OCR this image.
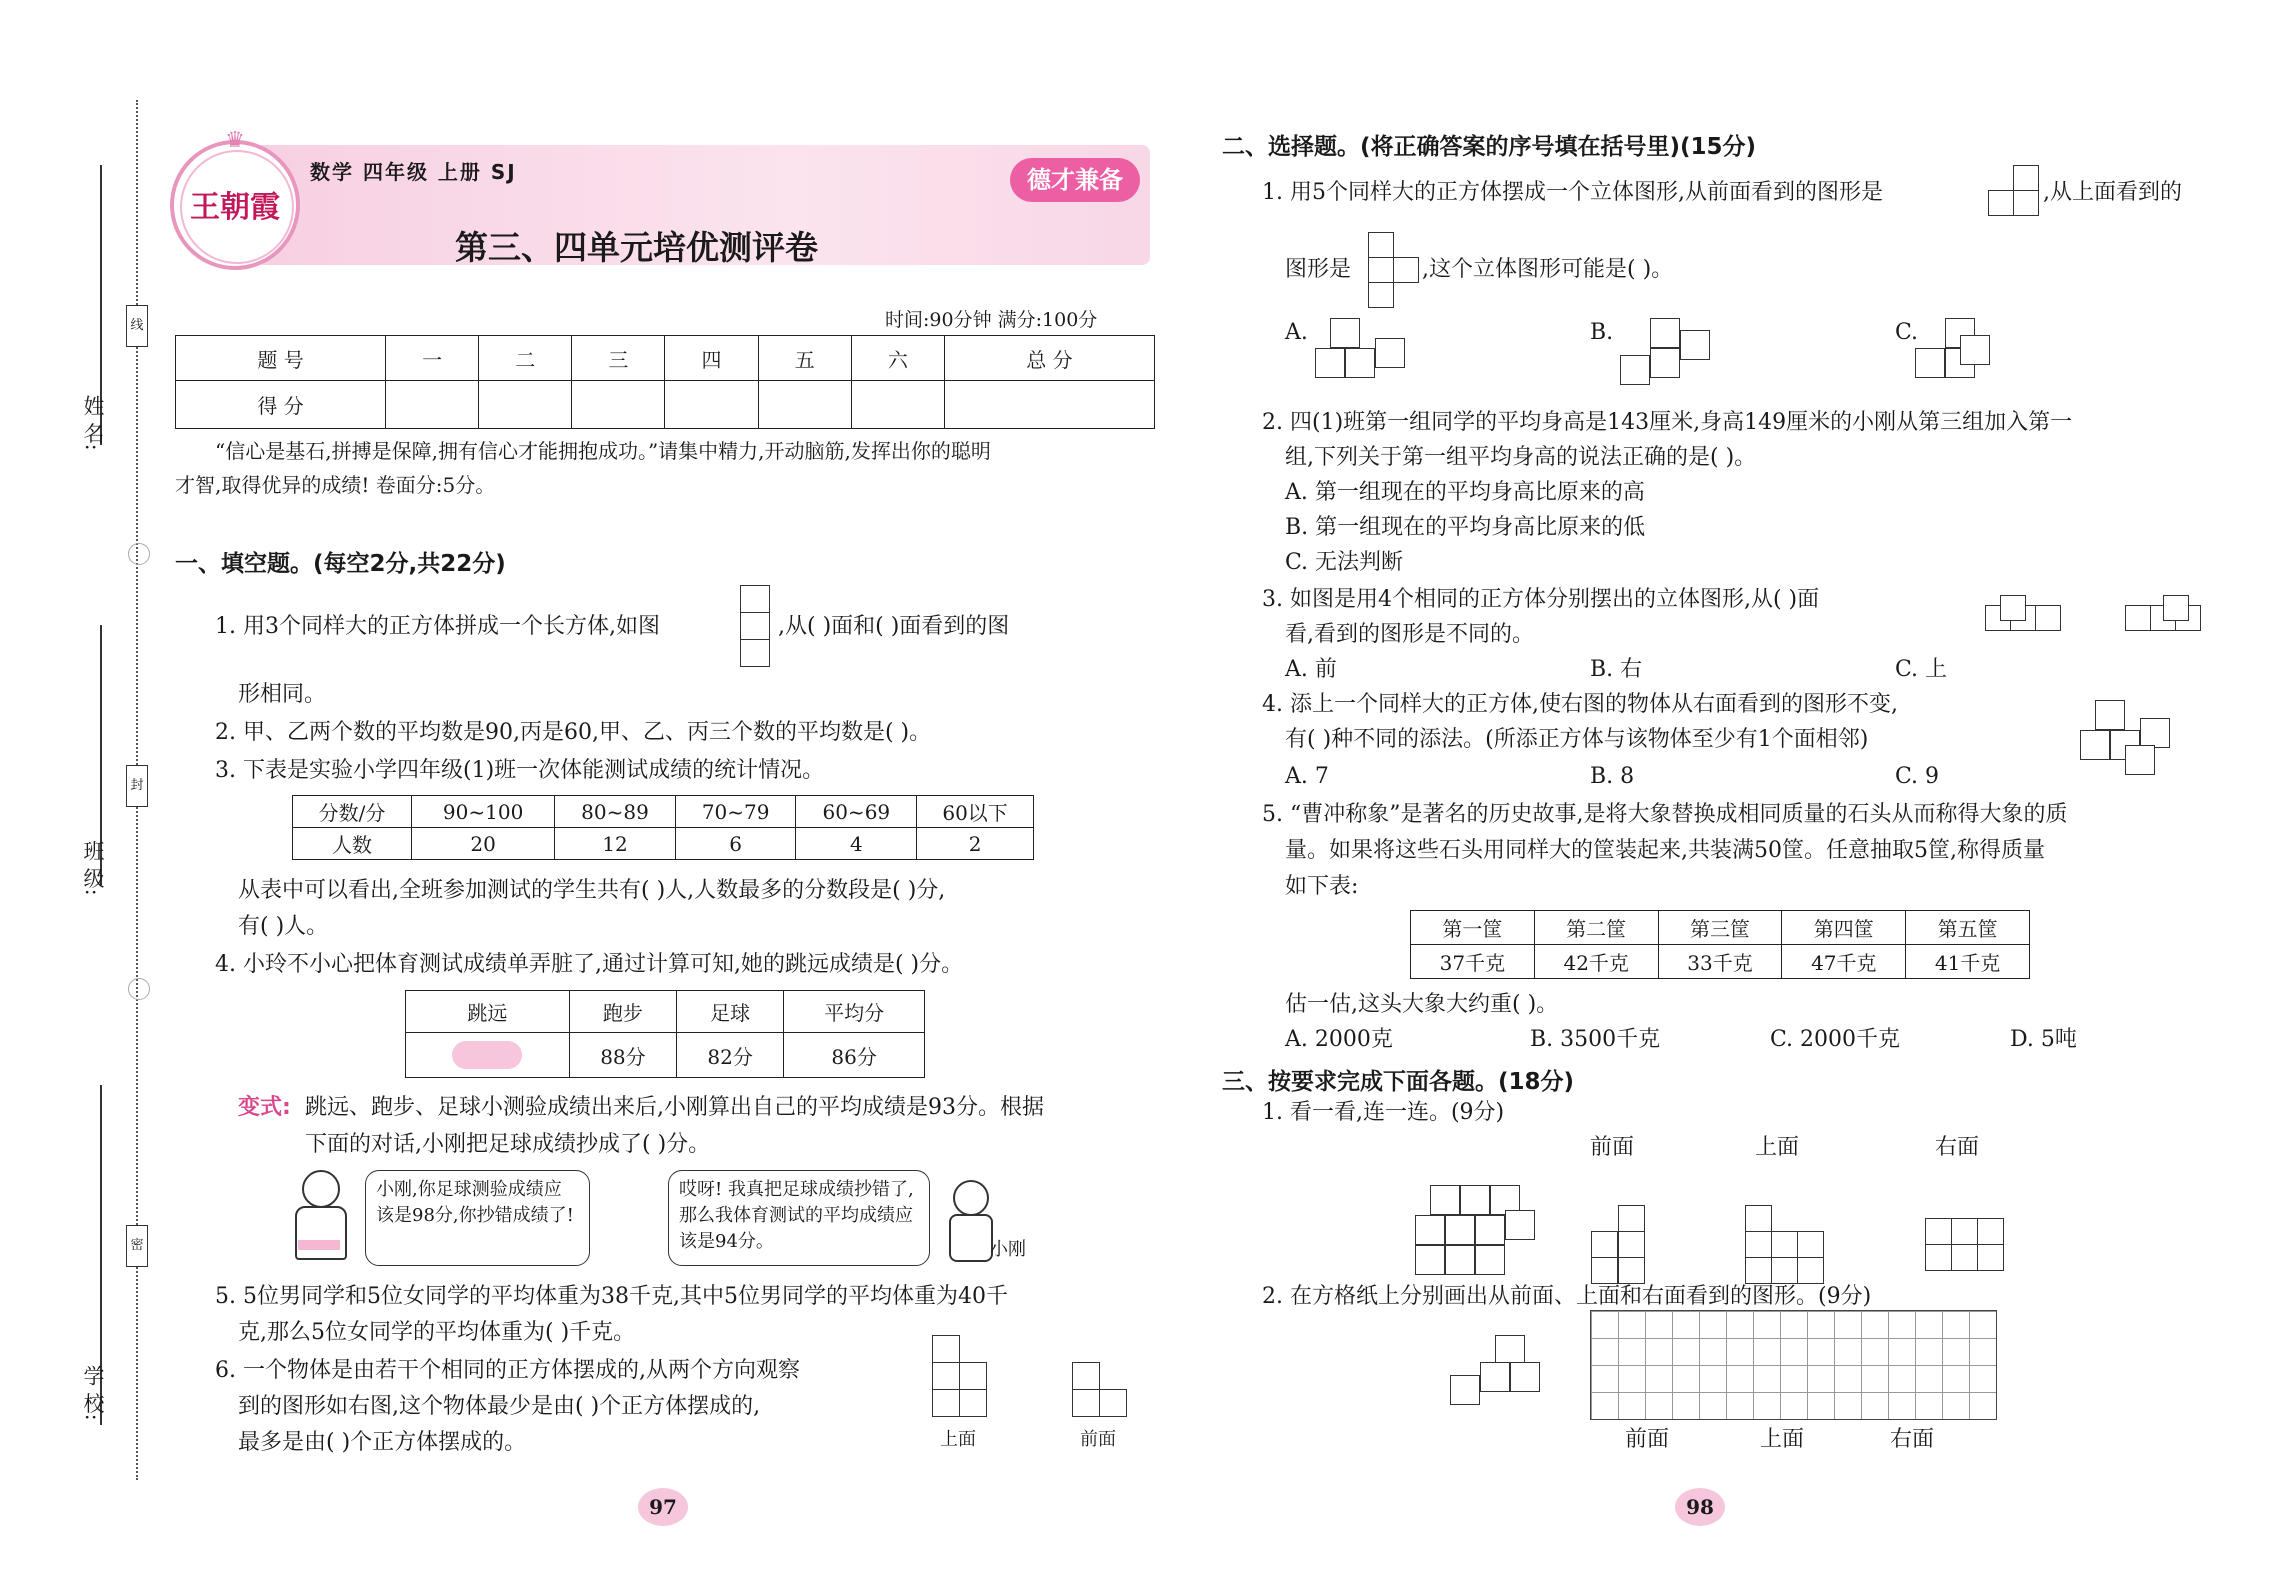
姓 名:
班 级:
学 校:
线
封
密
王朝霞
♛
数学 四年级 上册 SJ	德才兼备
第三、四单元培优测评卷
时间:90分钟 满分:100分
题 号	一	二	三	四	五	六	总 分
得 分							
“信心是基石,拼搏是保障,拥有信心才能拥抱成功。”请集中精力,开动脑筋,发挥出你的聪明
才智,取得优异的成绩! 卷面分:5分。
一、填空题。(每空2分,共22分)
1. 用3个同样大的正方体拼成一个长方体,如图	,从( )面和( )面看到的图
形相同。
2. 甲、乙两个数的平均数是90,丙是60,甲、乙、丙三个数的平均数是( )。
3. 下表是实验小学四年级(1)班一次体能测试成绩的统计情况。
分数/分	90~100	80~89	70~79	60~69	60以下
人数	20	12	6	4	2
从表中可以看出,全班参加测试的学生共有( )人,人数最多的分数段是( )分,
有( )人。
4. 小玲不小心把体育测试成绩单弄脏了,通过计算可知,她的跳远成绩是( )分。
跳远	跑步	足球	平均分

	88分	82分	86分
变式: 跳远、跑步、足球小测验成绩出来后,小刚算出自己的平均成绩是93分。根据
下面的对话,小刚把足球成绩抄成了( )分。
小刚,你足球测验成绩应该是98分,你抄错成绩了!
哎呀! 我真把足球成绩抄错了,那么我体育测试的平均成绩应该是94分。	小刚
5. 5位男同学和5位女同学的平均体重为38千克,其中5位男同学的平均体重为40千
克,那么5位女同学的平均体重为( )千克。
6. 一个物体是由若干个相同的正方体摆成的,从两个方向观察
到的图形如右图,这个物体最少是由( )个正方体摆成的,
最多是由( )个正方体摆成的。	上面	前面
97
二、选择题。(将正确答案的序号填在括号里)(15分)
1. 用5个同样大的正方体摆成一个立体图形,从前面看到的图形是	,从上面看到的
图形是	,这个立体图形可能是( )。
A.	B.	C.
2. 四(1)班第一组同学的平均身高是143厘米,身高149厘米的小刚从第三组加入第一
组,下列关于第一组平均身高的说法正确的是( )。
A. 第一组现在的平均身高比原来的高
B. 第一组现在的平均身高比原来的低
C. 无法判断
3. 如图是用4个相同的正方体分别摆出的立体图形,从( )面
看,看到的图形是不同的。
A. 前	B. 右	C. 上
4. 添上一个同样大的正方体,使右图的物体从右面看到的图形不变,
有( )种不同的添法。(所添正方体与该物体至少有1个面相邻)
A. 7	B. 8	C. 9
5. “曹冲称象”是著名的历史故事,是将大象替换成相同质量的石头从而称得大象的质
量。如果将这些石头用同样大的筐装起来,共装满50筐。任意抽取5筐,称得质量
如下表:
第一筐	第二筐	第三筐	第四筐	第五筐
37千克	42千克	33千克	47千克	41千克
估一估,这头大象大约重( )。
A. 2000克	B. 3500千克	C. 2000千克	D. 5吨
三、按要求完成下面各题。(18分)
1. 看一看,连一连。(9分)
前面	上面	右面
2. 在方格纸上分别画出从前面、上面和右面看到的图形。(9分)
前面	上面	右面
98
